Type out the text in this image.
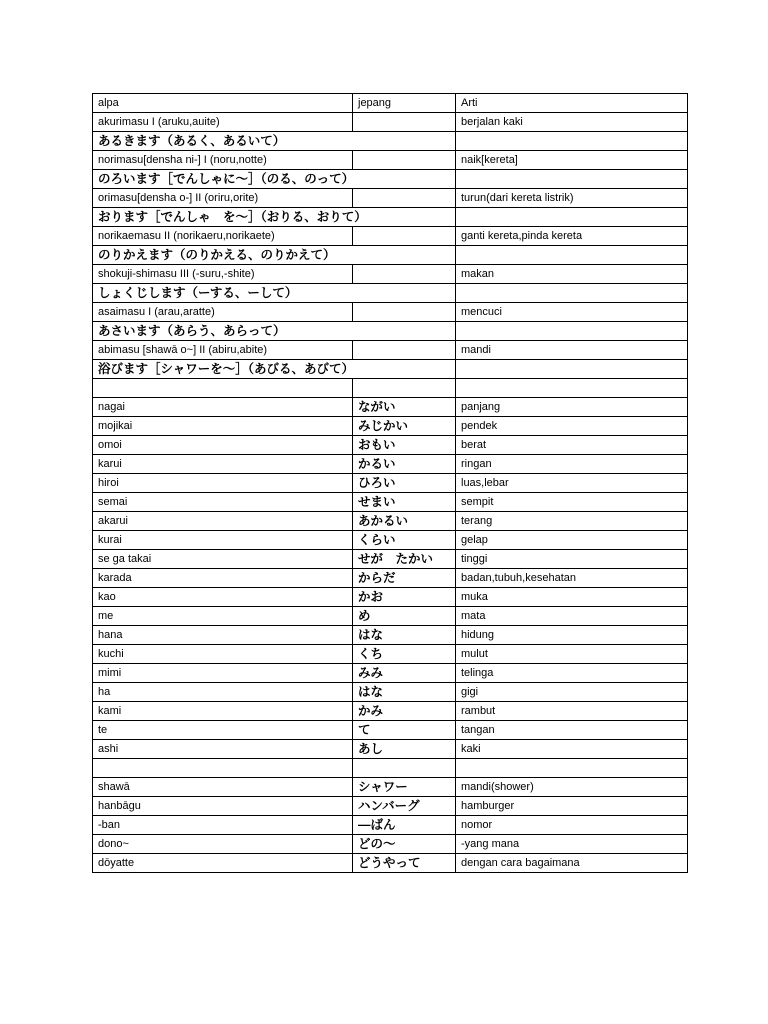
alpa	jepang	Arti
akurimasu I (aruku,auite)		berjalan kaki
あるきます（あるく、あるいて）		
norimasu[densha ni-] I (noru,notte)		naik[kereta]
のろいます［でんしゃに〜］（のる、のって）		
orimasu[densha o-] II (oriru,orite)		turun(dari kereta listrik)
おります［でんしゃ　を〜］（おりる、おりて）		
norikaemasu II (norikaeru,norikaete)		ganti kereta,pinda kereta
のりかえます（のりかえる、のりかえて）		
shokuji-shimasu III (-suru,-shite)		makan
しょくじします（ーする、ーして）		
asaimasu I (arau,aratte)		mencuci
あさいます（あらう、あらって）		
abimasu [shawā o~] II (abiru,abite)		mandi
浴びます［シャワーを〜］（あびる、あびて）		

nagai	ながい	panjang
mojikai	みじかい	pendek
omoi	おもい	berat
karui	かるい	ringan
hiroi	ひろい	luas,lebar
semai	せまい	sempit
akarui	あかるい	terang
kurai	くらい	gelap
se ga takai	せが　たかい	tinggi
karada	からだ	badan,tubuh,kesehatan
kao	かお	muka
me	め	mata
hana	はな	hidung
kuchi	くち	mulut
mimi	みみ	telinga
ha	はな	gigi
kami	かみ	rambut
te	て	tangan
ashi	あし	kaki

shawā	シャワー	mandi(shower)
hanbāgu	ハンバーグ	hamburger
-ban	—ばん	nomor
dono~	どの〜	-yang mana
dōyatte	どうやって	dengan cara bagaimana
